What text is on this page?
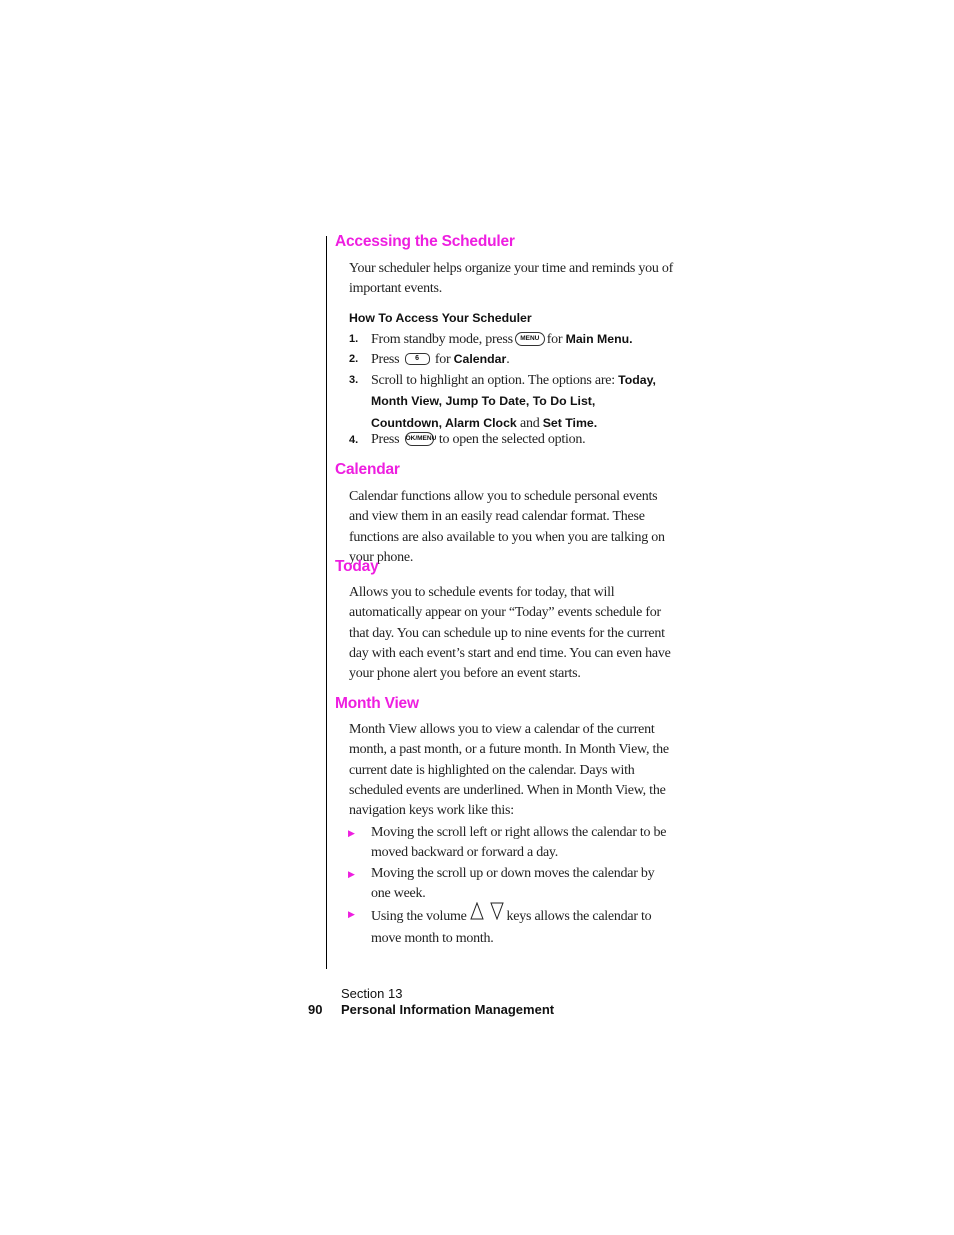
Accessing the Scheduler

Your scheduler helps organize your time and reminds you of important events.

How To Access Your Scheduler
1. From standby mode, press MENU for Main Menu.

2. Press 6 for Calendar.

3. Scroll to highlight an option. The options are: Today, Month View, Jump To Date, To Do List, Countdown, Alarm Clock and Set Time.

4. Press OK/MENU to open the selected option.

Calendar

Calendar functions allow you to schedule personal events and view them in an easily read calendar format. These functions are also available to you when you are talking on your phone.

Today

Allows you to schedule events for today, that will automatically appear on your “Today” events schedule for that day. You can schedule up to nine events for the current day with each event’s start and end time. You can even have your phone alert you before an event starts.

Month View

Month View allows you to view a calendar of the current month, a past month, or a future month. In Month View, the current date is highlighted on the calendar. Days with scheduled events are underlined. When in Month View, the navigation keys work like this:

▶ Moving the scroll left or right allows the calendar to be moved backward or forward a day.

▶ Moving the scroll up or down moves the calendar by one week.

▶ Using the volume	keys allows the calendar to move month to month.

Section 13

90 Personal Information Management
